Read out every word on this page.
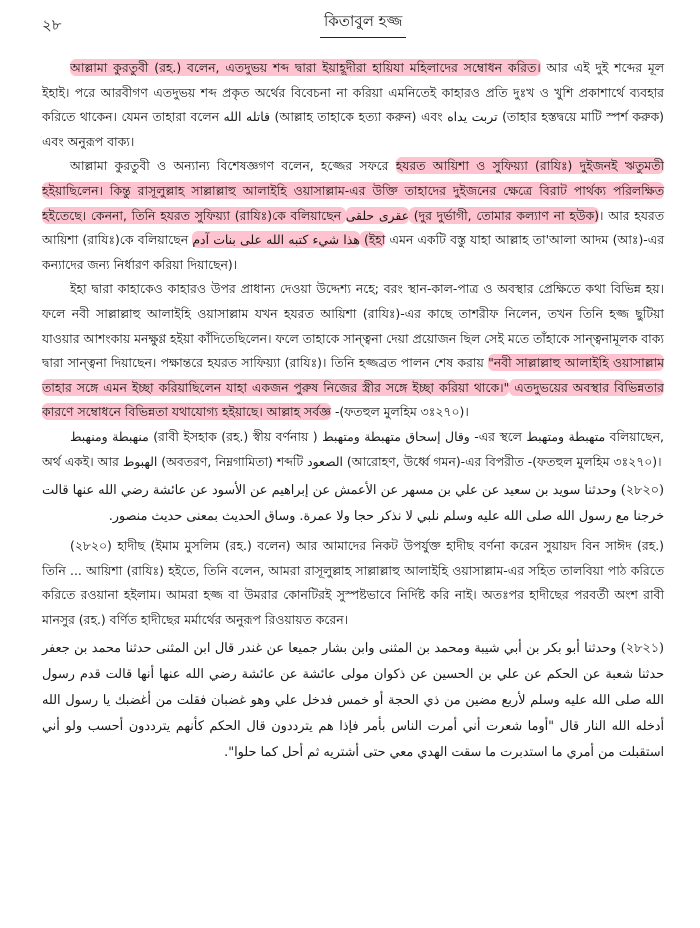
২৮	কিতাবুল হজ্জ

আল্লামা কুরতুবী (রহ.) বলেন, এতদুভয় শব্দ দ্বারা ইয়াহূদীরা হায়িযা মহিলাদের সম্বোধন করিত। আর এই দুই শব্দের মূল ইহাই। পরে আরবীগণ এতদুভয় শব্দ প্রকৃত অর্থের বিবেচনা না করিয়া এমনিতেই কাহারও প্রতি দুঃখ ও খুশি প্রকাশার্থে ব্যবহার করিতে থাকেন। যেমন তাহারা বলেন قاتله الله (আল্লাহ তাহাকে হত্যা করুন) এবং تربت يداه (তাহার হস্তদ্বয়ে মাটি স্পর্শ করুক) এবং অনুরূপ বাক্য।

আল্লামা কুরতুবী ও অন্যান্য বিশেষজ্ঞগণ বলেন, হজ্জের সফরে হযরত আয়িশা ও সুফিয়্যা (রাযিঃ) দুইজনই ঋতুমতী হইয়াছিলেন। কিন্তু রাসূলুল্লাহ সাল্লাল্লাহু আলাইহি ওয়াসাল্লাম-এর উক্তি তাহাদের দুইজনের ক্ষেত্রে বিরাট পার্থক্য পরিলক্ষিত হইতেছে। কেননা, তিনি হযরত সুফিয়্যা (রাযিঃ)কে বলিয়াছেন عقرى حلقى (দুর দুর্ভাগী, তোমার কল্যাণ না হউক)। আর হযরত আয়িশা (রাযিঃ)কে বলিয়াছেন هذا شيء كتبه الله على بنات آدم (ইহা এমন একটি বস্তু যাহা আল্লাহ তা'আলা আদম (আঃ)-এর কন্যাদের জন্য নির্ধারণ করিয়া দিয়াছেন)।

ইহা দ্বারা কাহাকেও কাহারও উপর প্রাধান্য দেওয়া উদ্দেশ্য নহে; বরং স্থান-কাল-পাত্র ও অবস্থার প্রেক্ষিতে কথা বিভিন্ন হয়। ফলে নবী সাল্লাল্লাহু আলাইহি ওয়াসাল্লাম যখন হযরত আয়িশা (রাযিঃ)-এর কাছে তাশরীফ নিলেন, তখন তিনি হজ্জ ছুটিয়া যাওয়ার আশংকায় মনক্ষুণ্ণ হইয়া কাঁদিতেছিলেন। ফলে তাহাকে সান্ত্বনা দেয়া প্রয়োজন ছিল সেই মতে তাঁহাকে সান্ত্বনামূলক বাক্য দ্বারা সান্ত্বনা দিয়াছেন। পক্ষান্তরে হযরত সাফিয়্যা (রাযিঃ)। তিনি হজ্জব্রত পালন শেষ করায় "নবী সাল্লাল্লাহু আলাইহি ওয়াসাল্লাম তাহার সঙ্গে এমন ইচ্ছা করিয়াছিলেন যাহা একজন পুরুষ নিজের স্ত্রীর সঙ্গে ইচ্ছা করিয়া থাকে।" এতদুভয়ের অবস্থার বিভিন্নতার কারণে সম্বোধনে বিভিন্নতা যথাযোগ্য হইয়াছে। আল্লাহ সর্বজ্ঞ -(ফতহুল মুলহিম ৩ঃ২৭০)।

منهبطة ومنهبط (রাবী ইসহাক (রহ.) স্বীয় বর্ণনায় ) وقال إسحاق متهبطة ومتهبط -এর স্থলে متهبطة ومتهبط বলিয়াছেন, অর্থ একই। আর الهبوط (অবতরণ, নিম্নগামিতা) শব্দটি الصعود (আরোহণ, উর্ধ্বে গমন)-এর বিপরীত -(ফতহুল মুলহিম ৩ঃ২৭০)।

(২৮২০) وحدثنا سويد بن سعيد عن علي بن مسهر عن الأعمش عن إبراهيم عن الأسود عن عائشة رضي الله عنها قالت خرجنا مع رسول الله صلى الله عليه وسلم نلبي لا نذكر حجا ولا عمرة. وساق الحديث بمعنى حديث منصور.

(২৮২০) হাদীছ (ইমাম মুসলিম (রহ.) বলেন) আর আমাদের নিকট উপর্যুক্ত হাদীছ বর্ণনা করেন সুয়ায়দ বিন সাঈদ (রহ.) তিনি ... আয়িশা (রাযিঃ) হইতে, তিনি বলেন, আমরা রাসূলুল্লাহ সাল্লাল্লাহু আলাইহি ওয়াসাল্লাম-এর সহিত তালবিয়া পাঠ করিতে করিতে রওয়ানা হইলাম। আমরা হজ্জ বা উমরার কোনটিরই সুস্পষ্টভাবে নির্দিষ্ট করি নাই। অতঃপর হাদীছের পরবর্তী অংশ রাবী মানসুর (রহ.) বর্ণিত হাদীছের মর্মার্থের অনুরূপ রিওয়ায়ত করেন।

(২৮২১) وحدثنا أبو بكر بن أبي شيبة ومحمد بن المثنى وابن بشار جميعا عن غندر قال ابن المثنى حدثنا محمد بن جعفر حدثنا شعبة عن الحكم عن علي بن الحسين عن ذكوان مولى عائشة عن عائشة رضي الله عنها أنها قالت قدم رسول الله صلى الله عليه وسلم لأربع مضين من ذي الحجة أو خمس فدخل علي وهو غضبان فقلت من أغضبك يا رسول الله أدخله الله النار قال "أوما شعرت أني أمرت الناس بأمر فإذا هم يترددون قال الحكم كأنهم يترددون أحسب ولو أني استقبلت من أمري ما استدبرت ما سقت الهدي معي حتى أشتريه ثم أحل كما حلوا".
